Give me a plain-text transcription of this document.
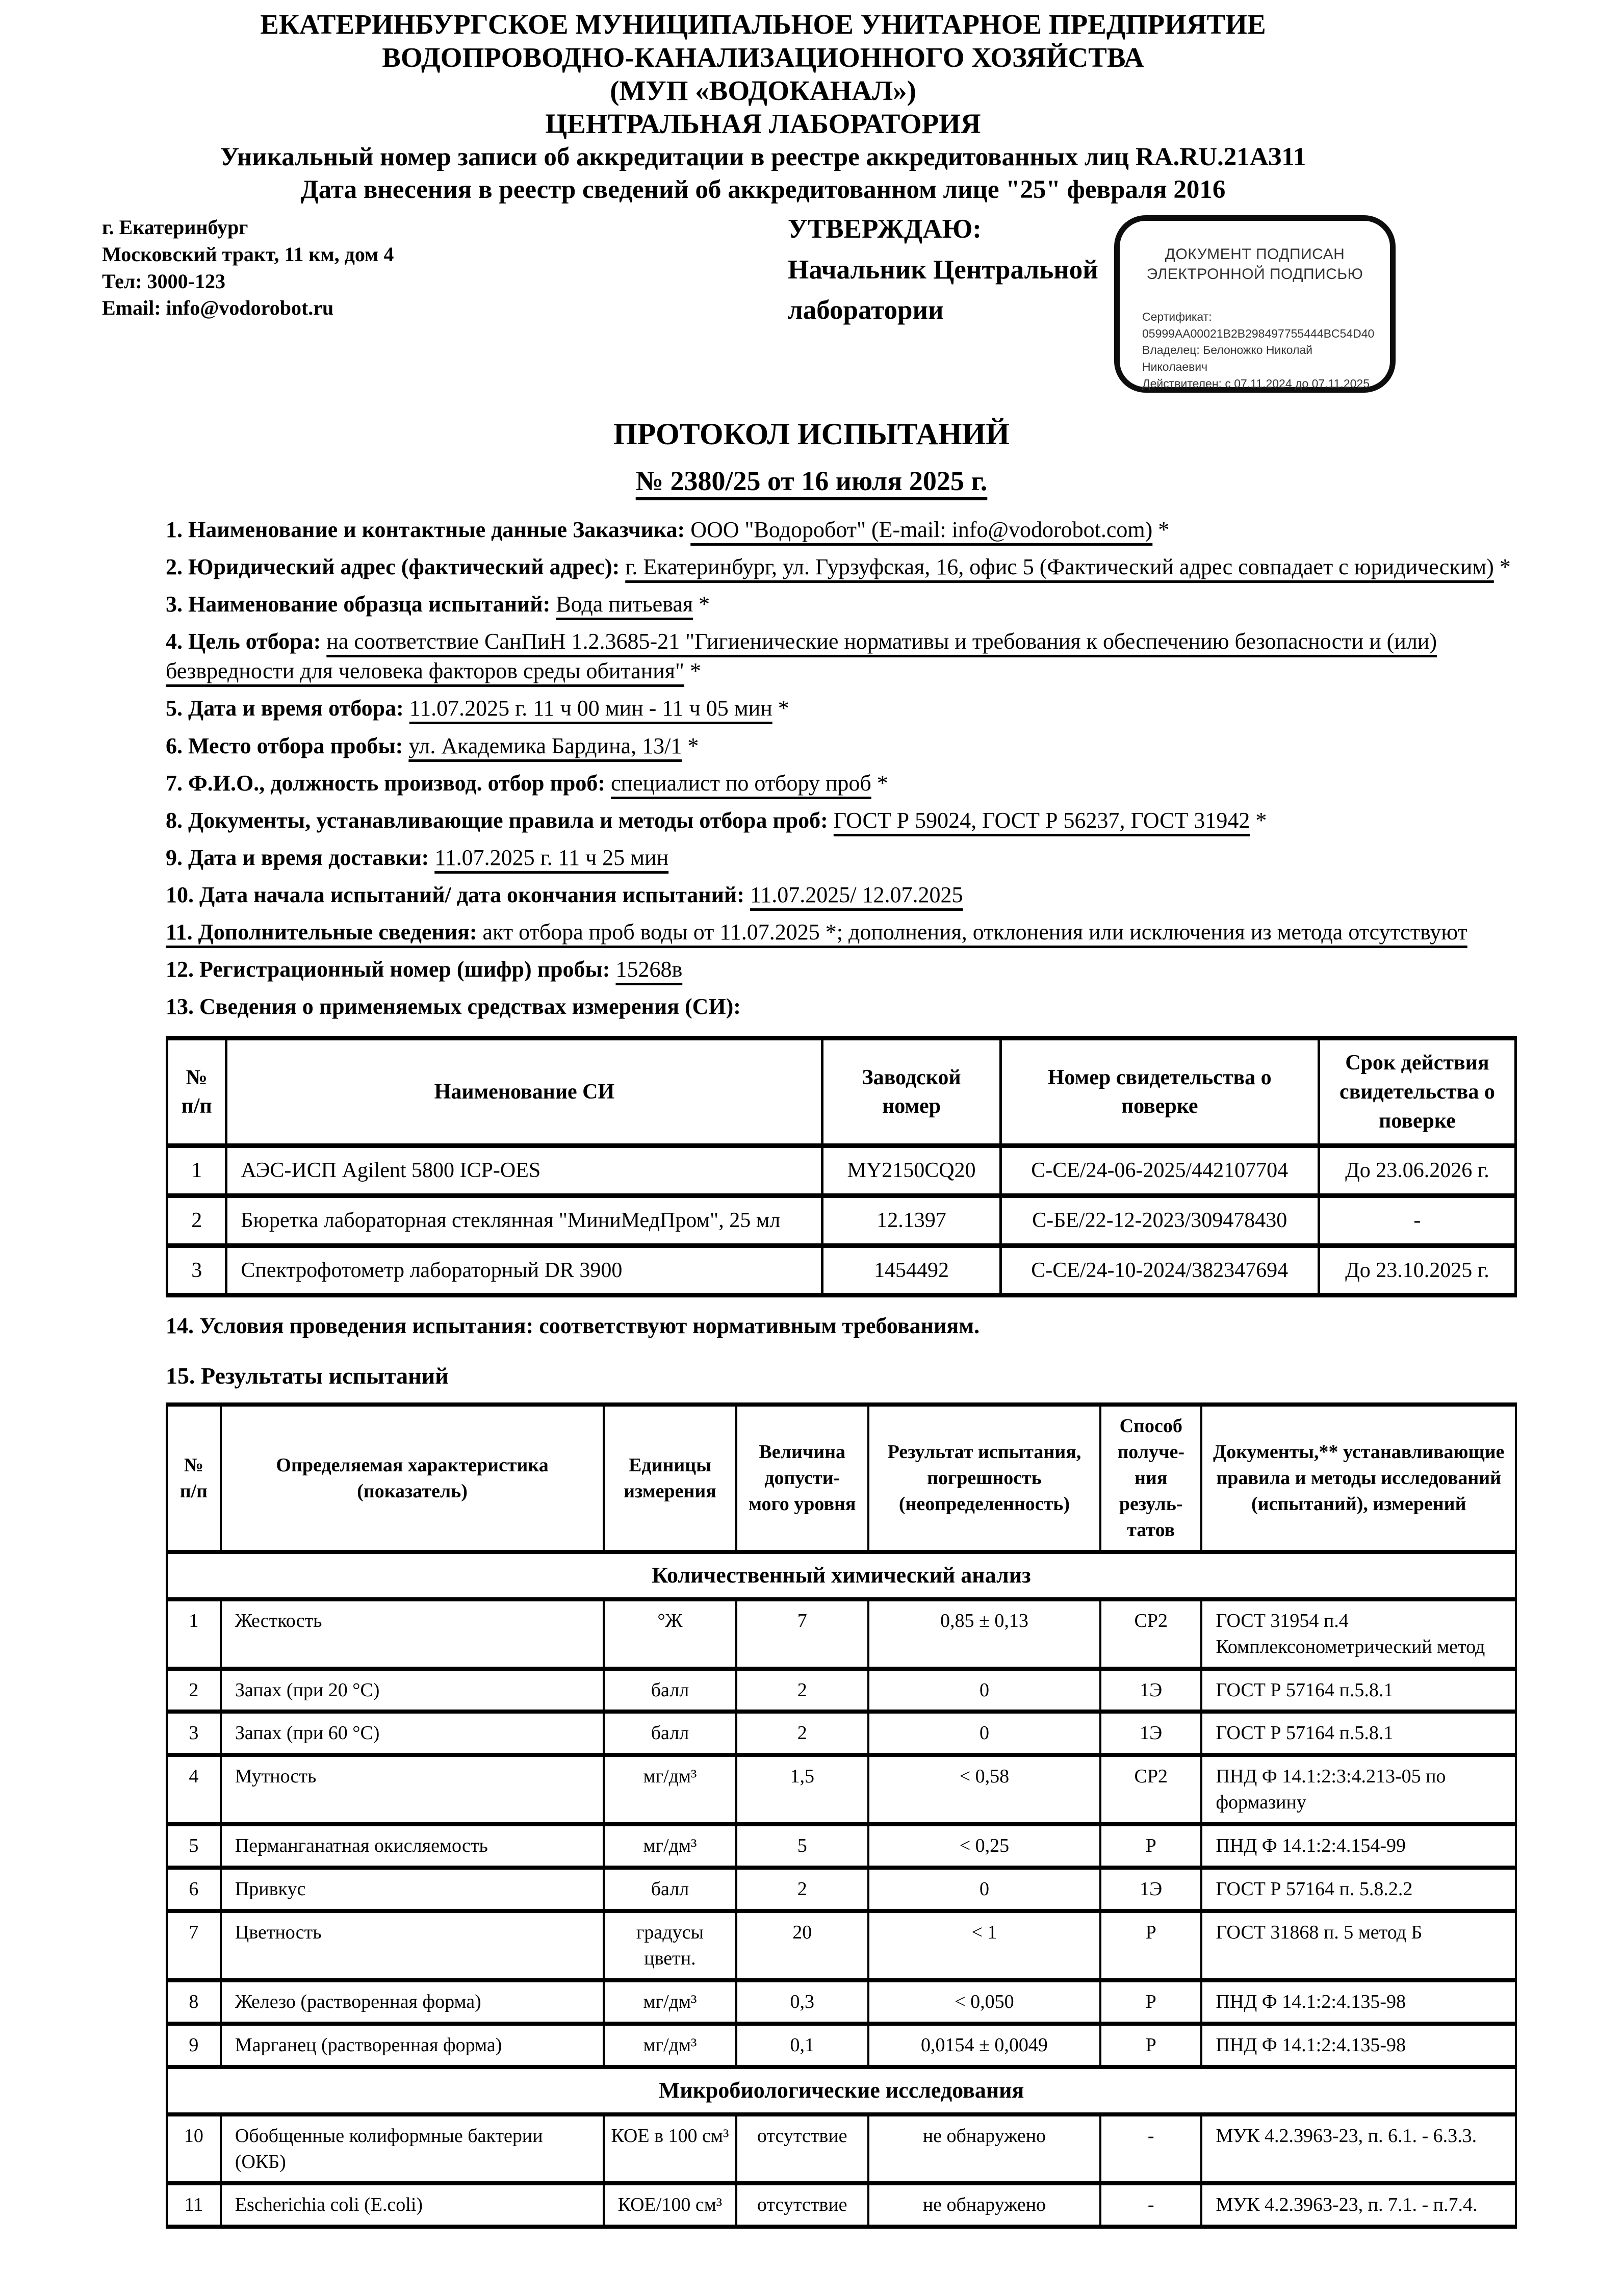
ЕКАТЕРИНБУРГСКОЕ МУНИЦИПАЛЬНОЕ УНИТАРНОЕ ПРЕДПРИЯТИЕ
ВОДОПРОВОДНО-КАНАЛИЗАЦИОННОГО ХОЗЯЙСТВА
(МУП «ВОДОКАНАЛ»)
ЦЕНТРАЛЬНАЯ ЛАБОРАТОРИЯ
Уникальный номер записи об аккредитации в реестре аккредитованных лиц RA.RU.21АЗ11
Дата внесения в реестр сведений об аккредитованном лице "25" февраля 2016
г. Екатеринбург
Московский тракт, 11 км, дом 4
Тел: 3000-123
Email: info@vodorobot.ru
УТВЕРЖДАЮ:
Начальник Центральной
лаборатории
ДОКУМЕНТ ПОДПИСАН
ЭЛЕКТРОННОЙ ПОДПИСЬЮ
Сертификат:
05999AA00021B2B298497755444BC54D40
Владелец: Белоножко Николай Николаевич
Действителен: с 07.11.2024 до 07.11.2025
ПРОТОКОЛ ИСПЫТАНИЙ
№ 2380/25 от 16 июля 2025 г.
1. Наименование и контактные данные Заказчика: ООО "Водоробот" (E-mail: info@vodorobot.com) *
2. Юридический адрес (фактический адрес): г. Екатеринбург, ул. Гурзуфская, 16, офис 5 (Фактический адрес совпадает с юридическим) *
3. Наименование образца испытаний: Вода питьевая *
4. Цель отбора: на соответствие СанПиН 1.2.3685-21 "Гигиенические нормативы и требования к обеспечению безопасности и (или) безвредности для человека факторов среды обитания" *
5. Дата и время отбора: 11.07.2025 г. 11 ч 00 мин - 11 ч 05 мин *
6. Место отбора пробы: ул. Академика Бардина, 13/1 *
7. Ф.И.О., должность производ. отбор проб: специалист по отбору проб *
8. Документы, устанавливающие правила и методы отбора проб: ГОСТ Р 59024, ГОСТ Р 56237, ГОСТ 31942 *
9. Дата и время доставки: 11.07.2025 г. 11 ч 25 мин
10. Дата начала испытаний/ дата окончания испытаний: 11.07.2025/ 12.07.2025
11. Дополнительные сведения: акт отбора проб воды от 11.07.2025 *; дополнения, отклонения или исключения из метода отсутствуют
12. Регистрационный номер (шифр) пробы: 15268в
13. Сведения о применяемых средствах измерения (СИ):
№ п/п	Наименование СИ	Заводской номер	Номер свидетельства о поверке	Срок действия свидетельства о поверке
1	АЭС-ИСП Agilent 5800 ICP-OES	MY2150CQ20	С-СЕ/24-06-2025/442107704	До 23.06.2026 г.
2	Бюретка лабораторная стеклянная "МиниМедПром", 25 мл	12.1397	С-БЕ/22-12-2023/309478430	-
3	Спектрофотометр лабораторный DR 3900	1454492	С-СЕ/24-10-2024/382347694	До 23.10.2025 г.
14. Условия проведения испытания: соответствуют нормативным требованиям.
15. Результаты испытаний
№ п/п	Определяемая характеристика (показатель)	Единицы измерения	Величина допусти- мого уровня	Результат испытания, погрешность (неопределенность)	Способ получе- ния резуль- татов	Документы,** устанавливающие правила и методы исследований (испытаний), измерений
Количественный химический анализ						
1	Жесткость	°Ж	7	0,85 ± 0,13	СР2	ГОСТ 31954 п.4 Комплексонометрический метод
2	Запах (при 20 °С)	балл	2	0	1Э	ГОСТ Р 57164 п.5.8.1
3	Запах (при 60 °С)	балл	2	0	1Э	ГОСТ Р 57164 п.5.8.1
4	Мутность	мг/дм³	1,5	< 0,58	СР2	ПНД Ф 14.1:2:3:4.213-05 по формазину
5	Перманганатная окисляемость	мг/дм³	5	< 0,25	Р	ПНД Ф 14.1:2:4.154-99
6	Привкус	балл	2	0	1Э	ГОСТ Р 57164 п. 5.8.2.2
7	Цветность	градусы цветн.	20	< 1	Р	ГОСТ 31868 п. 5 метод Б
8	Железо (растворенная форма)	мг/дм³	0,3	< 0,050	Р	ПНД Ф 14.1:2:4.135-98
9	Марганец (растворенная форма)	мг/дм³	0,1	0,0154 ± 0,0049	Р	ПНД Ф 14.1:2:4.135-98
Микробиологические исследования						
10	Обобщенные колиформные бактерии (ОКБ)	КОЕ в 100 см³	отсутствие	не обнаружено	-	МУК 4.2.3963-23, п. 6.1. - 6.3.3.
11	Escherichia coli (E.coli)	КОЕ/100 см³	отсутствие	не обнаружено	-	МУК 4.2.3963-23, п. 7.1. - п.7.4.
